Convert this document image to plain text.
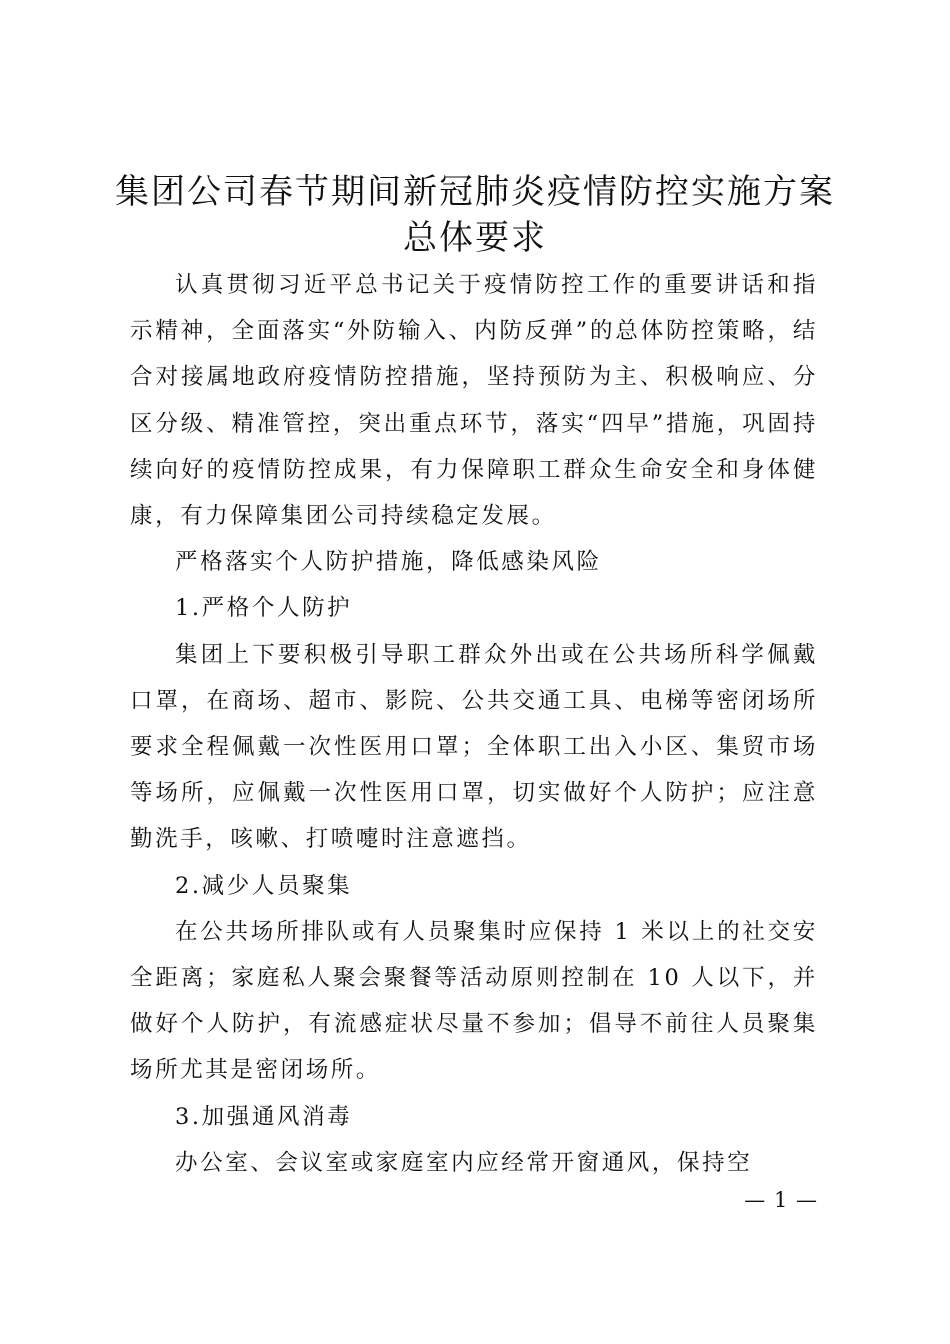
集团公司春节期间新冠肺炎疫情防控实施方案
总体要求

认真贯彻习近平总书记关于疫情防控工作的重要讲话和指示精神，全面落实“外防输入、内防反弹”的总体防控策略，结合对接属地政府疫情防控措施，坚持预防为主、积极响应、分区分级、精准管控，突出重点环节，落实“四早”措施，巩固持续向好的疫情防控成果，有力保障职工群众生命安全和身体健康，有力保障集团公司持续稳定发展。

严格落实个人防护措施，降低感染风险

1.严格个人防护

集团上下要积极引导职工群众外出或在公共场所科学佩戴口罩，在商场、超市、影院、公共交通工具、电梯等密闭场所要求全程佩戴一次性医用口罩；全体职工出入小区、集贸市场等场所，应佩戴一次性医用口罩，切实做好个人防护；应注意勤洗手，咳嗽、打喷嚏时注意遮挡。

2.减少人员聚集

在公共场所排队或有人员聚集时应保持 1 米以上的社交安全距离；家庭私人聚会聚餐等活动原则控制在 10 人以下，并做好个人防护，有流感症状尽量不参加；倡导不前往人员聚集场所尤其是密闭场所。

3.加强通风消毒

办公室、会议室或家庭室内应经常开窗通风，保持空

— 1 —
